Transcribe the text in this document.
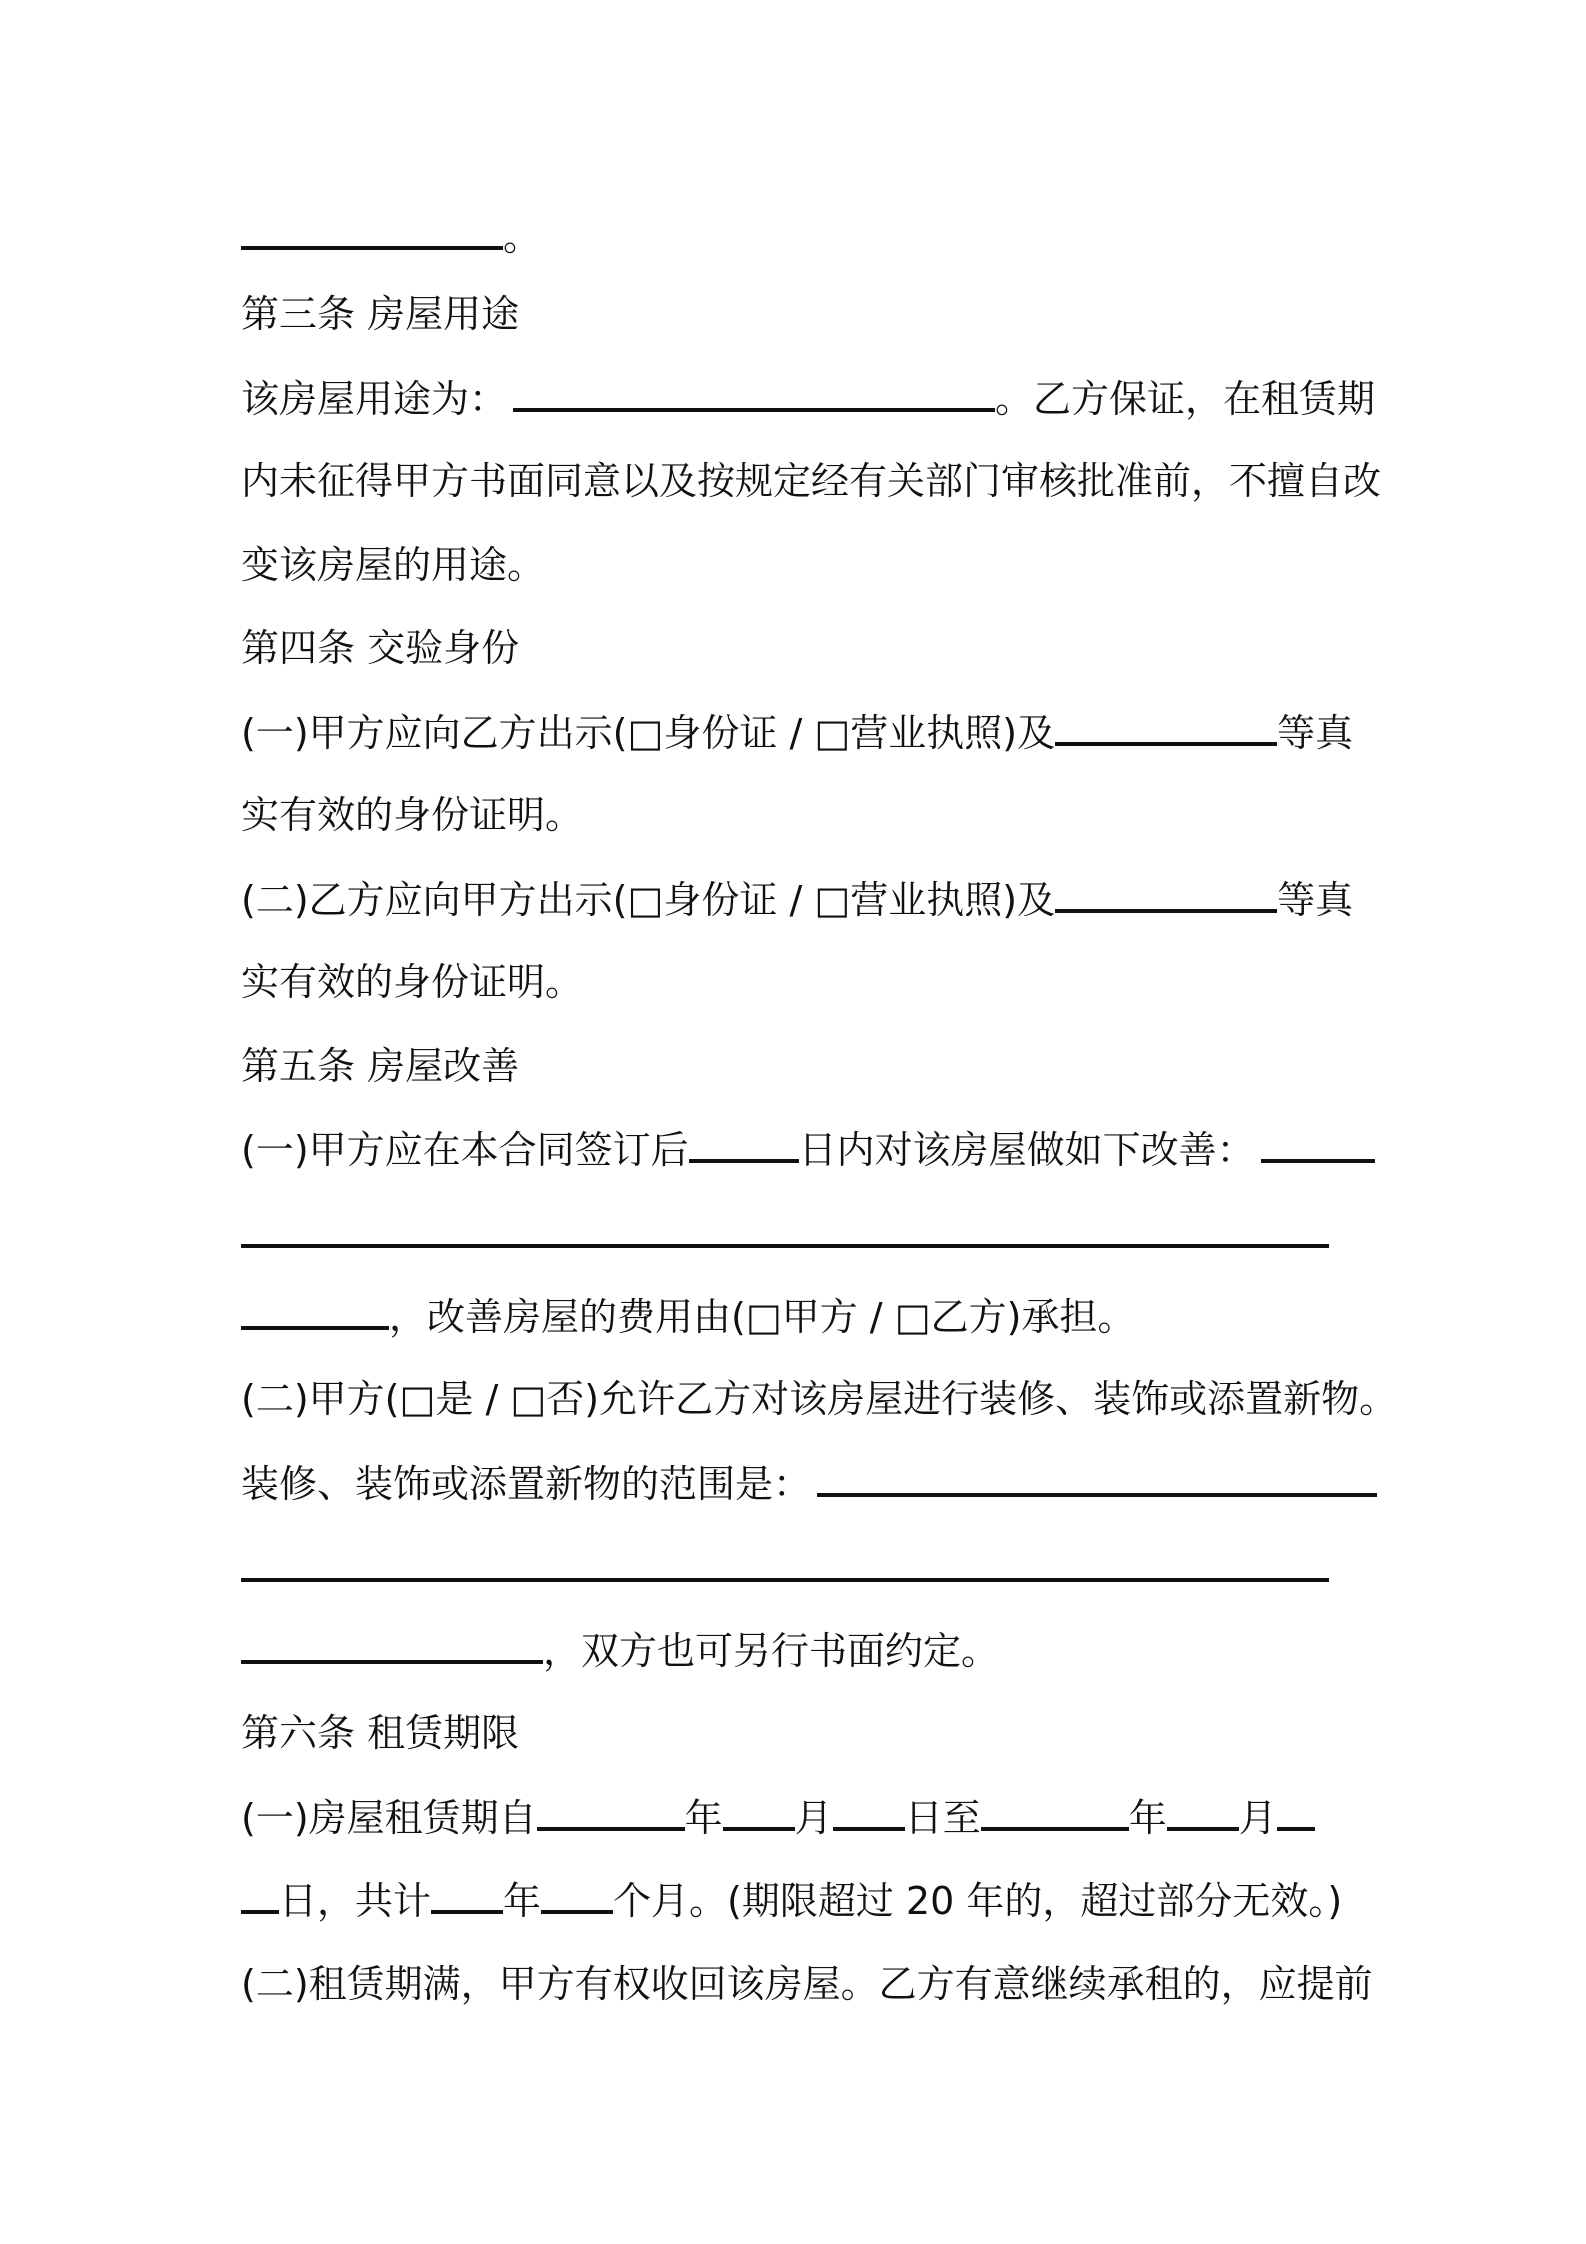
。

第三条 房屋用途

该房屋用途为：	。乙方保证，在租赁期

内未征得甲方书面同意以及按规定经有关部门审核批准前，不擅自改

变该房屋的用途。

第四条 交验身份

(一)甲方应向乙方出示(□身份证 / □营业执照)及	等真

实有效的身份证明。

(二)乙方应向甲方出示(□身份证 / □营业执照)及	等真

实有效的身份证明。

第五条 房屋改善

(一)甲方应在本合同签订后	日内对该房屋做如下改善：

，改善房屋的费用由(□甲方 / □乙方)承担。

(二)甲方(□是 / □否)允许乙方对该房屋进行装修、装饰或添置新物。

装修、装饰或添置新物的范围是：

，双方也可另行书面约定。

第六条 租赁期限

(一)房屋租赁期自	年 月 日至	年 月

日，共计 年 个月。(期限超过 20 年的，超过部分无效。)

(二)租赁期满，甲方有权收回该房屋。乙方有意继续承租的，应提前
